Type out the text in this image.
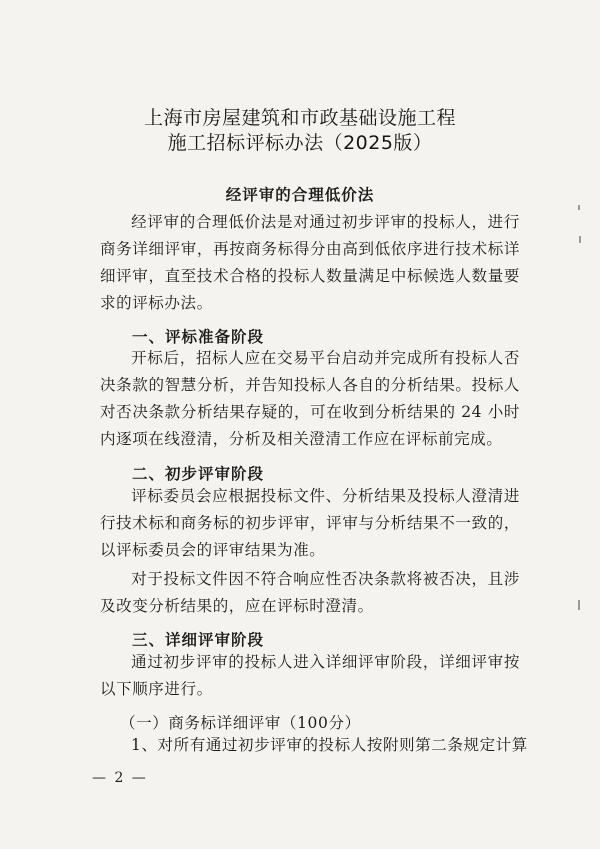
上海市房屋建筑和市政基础设施工程
施工招标评标办法（2025版）
经评审的合理低价法
经评审的合理低价法是对通过初步评审的投标人，进行商务详细评审，再按商务标得分由高到低依序进行技术标详细评审，直至技术合格的投标人数量满足中标候选人数量要求的评标办法。
一、评标准备阶段
开标后，招标人应在交易平台启动并完成所有投标人否决条款的智慧分析，并告知投标人各自的分析结果。投标人对否决条款分析结果存疑的，可在收到分析结果的 24 小时内逐项在线澄清，分析及相关澄清工作应在评标前完成。
二、初步评审阶段
评标委员会应根据投标文件、分析结果及投标人澄清进行技术标和商务标的初步评审，评审与分析结果不一致的，以评标委员会的评审结果为准。
对于投标文件因不符合响应性否决条款将被否决，且涉及改变分析结果的，应在评标时澄清。
三、详细评审阶段
通过初步评审的投标人进入详细评审阶段，详细评审按以下顺序进行。
（一）商务标详细评审（100分）
1、对所有通过初步评审的投标人按附则第二条规定计算
— 2 —
